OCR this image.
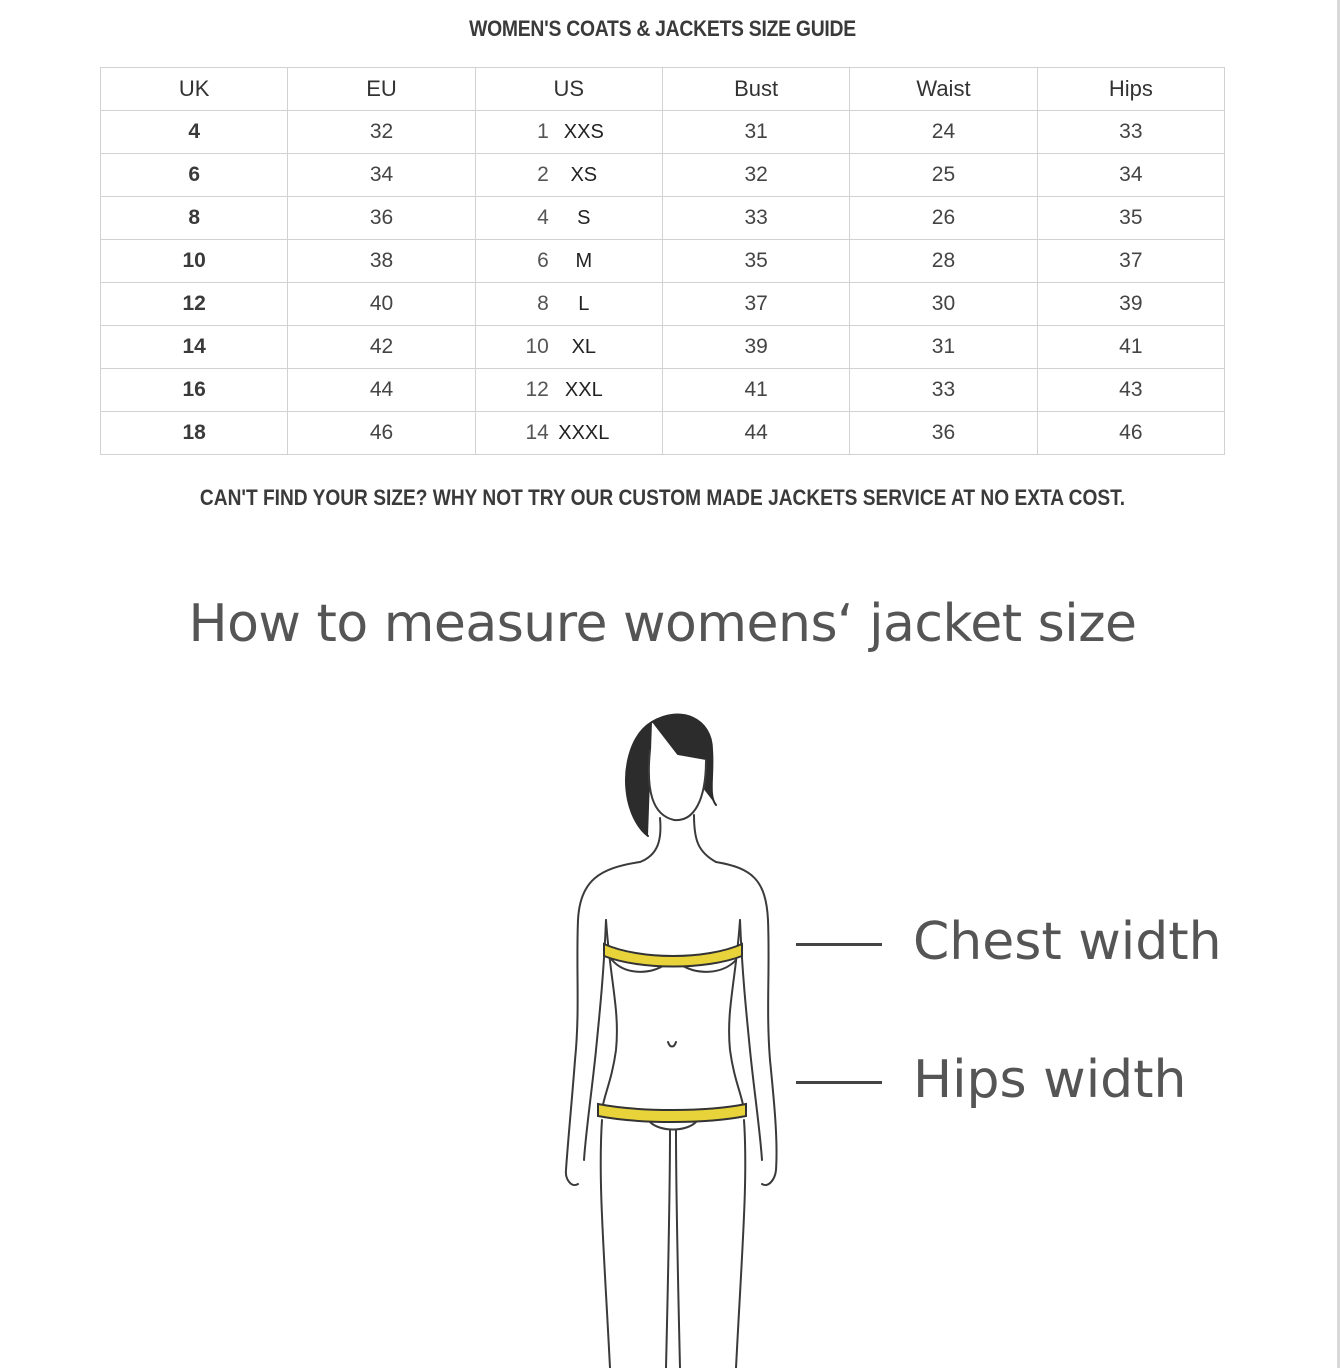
WOMEN'S COATS & JACKETS SIZE GUIDE
UK	EU	US	Bust	Waist	Hips
4	32	1 XXS	31	24	33
6	34	2 XS	32	25	34
8	36	4 S	33	26	35
10	38	6 M	35	28	37
12	40	8 L	37	30	39
14	42	10 XL	39	31	41
16	44	12 XXL	41	33	43
18	46	14 XXXL	44	36	46
CAN'T FIND YOUR SIZE? WHY NOT TRY OUR CUSTOM MADE JACKETS SERVICE AT NO EXTA COST.
How to measure womens‘ jacket size
Chest width
Hips width
